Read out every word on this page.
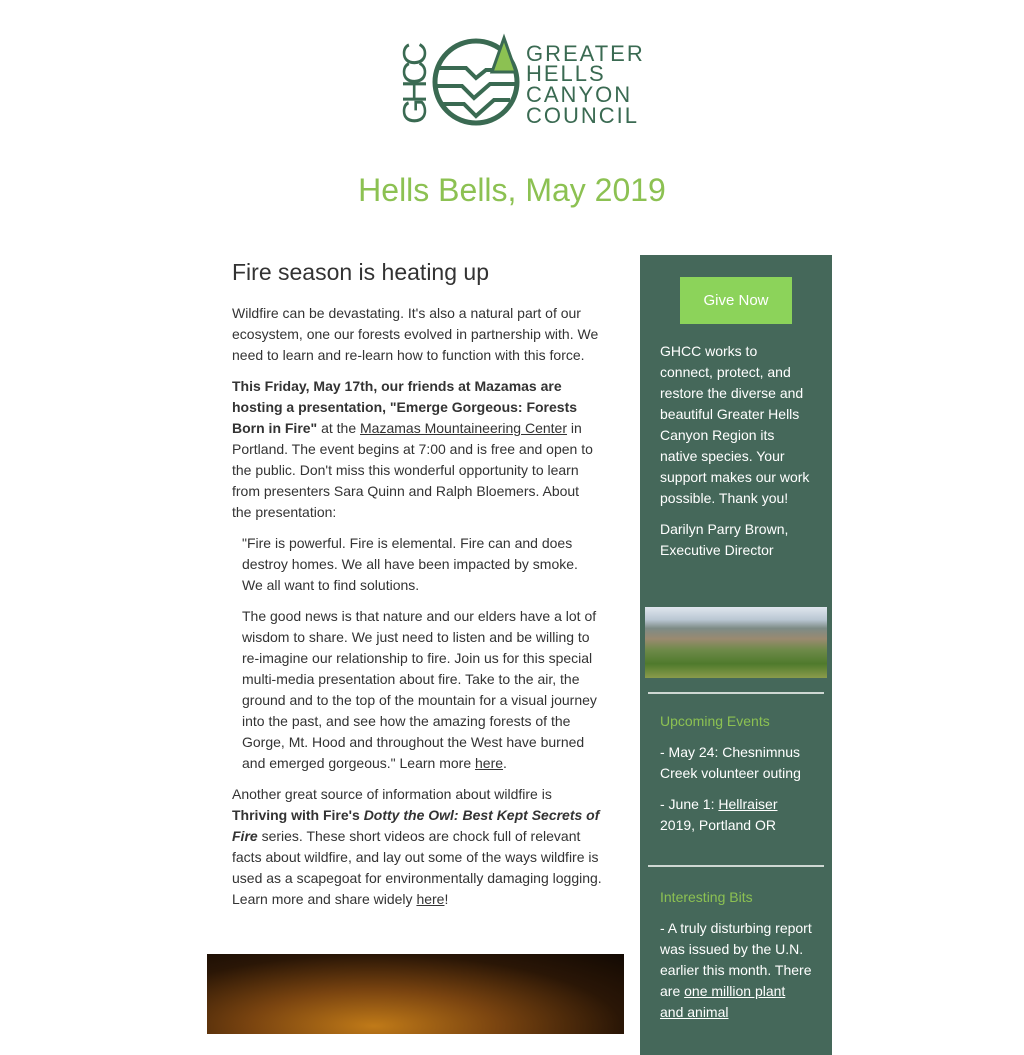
GHCC	GREATER
HELLS
CANYON
COUNCIL
Hells Bells, May 2019
Fire season is heating up

Wildfire can be devastating. It's also a natural part of our ecosystem, one our forests evolved in partnership with. We need to learn and re-learn how to function with this force.

This Friday, May 17th, our friends at Mazamas are hosting a presentation, "Emerge Gorgeous: Forests Born in Fire" at the Mazamas Mountaineering Center in Portland. The event begins at 7:00 and is free and open to the public. Don't miss this wonderful opportunity to learn from presenters Sara Quinn and Ralph Bloemers. About the presentation:

"Fire is powerful. Fire is elemental. Fire can and does destroy homes. We all have been impacted by smoke. We all want to find solutions.

The good news is that nature and our elders have a lot of wisdom to share. We just need to listen and be willing to re-imagine our relationship to fire. Join us for this special multi-media presentation about fire. Take to the air, the ground and to the top of the mountain for a visual journey into the past, and see how the amazing forests of the Gorge, Mt. Hood and throughout the West have burned and emerged gorgeous." Learn more here.

Another great source of information about wildfire is Thriving with Fire's Dotty the Owl: Best Kept Secrets of Fire series. These short videos are chock full of relevant facts about wildfire, and lay out some of the ways wildfire is used as a scapegoat for environmentally damaging logging. Learn more and share widely here!

Give Now

GHCC works to connect, protect, and restore the diverse and beautiful Greater Hells Canyon Region its native species. Your support makes our work possible. Thank you!

Darilyn Parry Brown, Executive Director

Upcoming Events

- May 24: Chesnimnus Creek volunteer outing

- June 1: Hellraiser 2019, Portland OR

Interesting Bits

- A truly disturbing report was issued by the U.N. earlier this month. There are one million plant and animal
